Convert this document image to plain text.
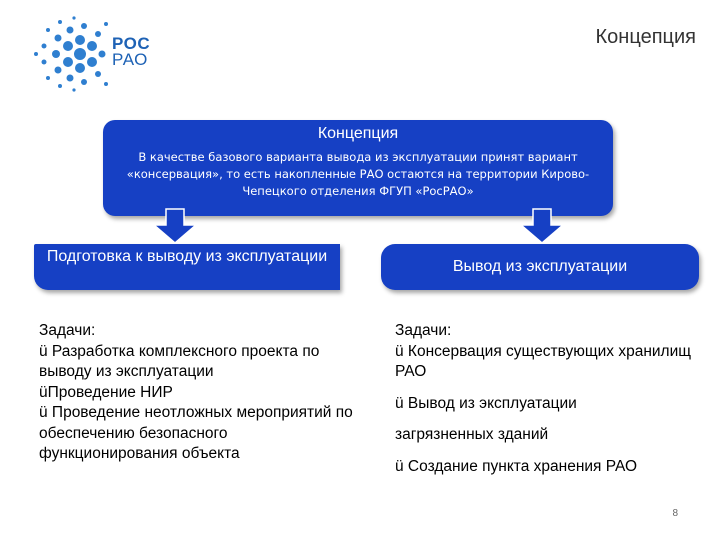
РОС
РАО
Концепция
Концепция
В качестве базового варианта вывода из эксплуатации принят вариант «консервация», то есть накопленные РАО остаются на территории Кирово-Чепецкого отделения ФГУП «РосРАО»
Подготовка к выводу из эксплуатации
Вывод из эксплуатации

Задачи:

ü Разработка комплексного проекта по выводу из эксплуатации

üПроведение НИР

ü Проведение неотложных мероприятий по обеспечению безопасного функционирования объекта

Задачи:

ü Консервация существующих хранилищ РАО

ü Вывод из эксплуатации

загрязненных зданий

ü Создание пункта хранения РАО

8
